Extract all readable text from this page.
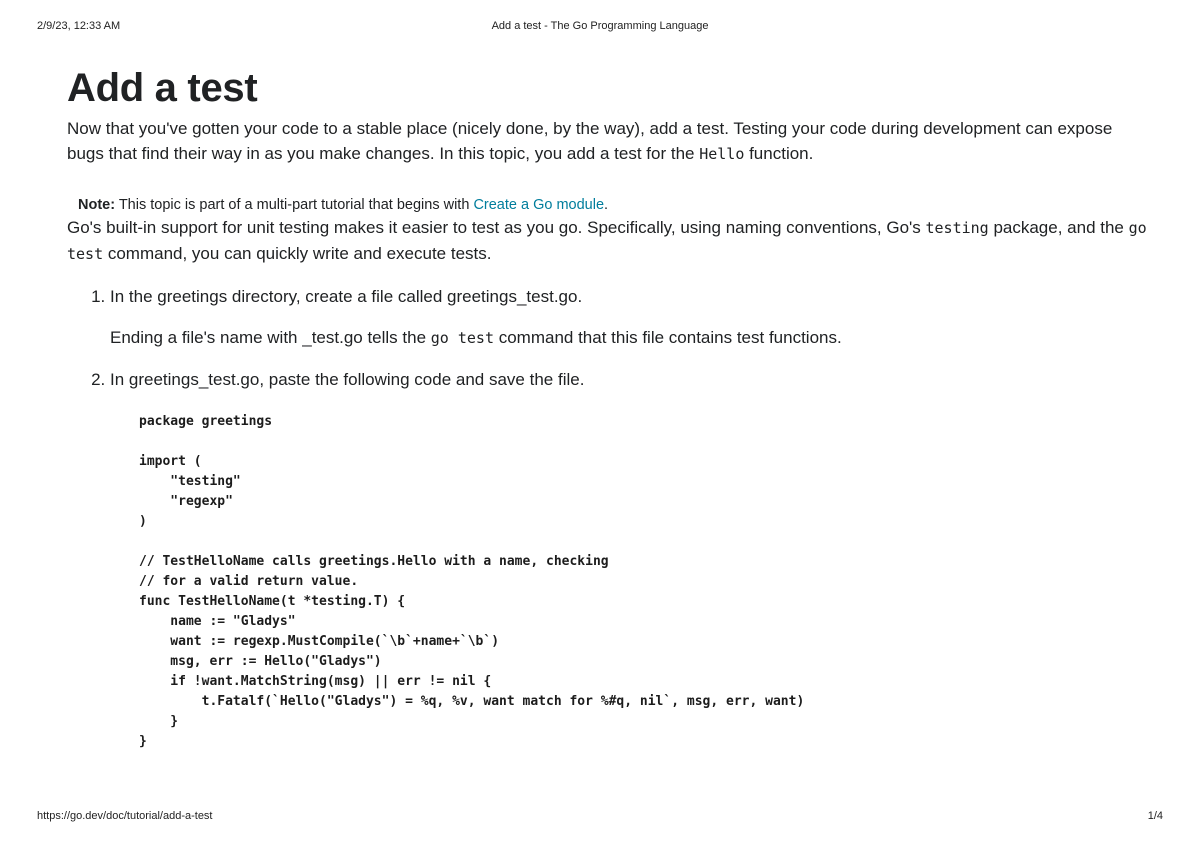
2/9/23, 12:33 AM	Add a test - The Go Programming Language
Add a test

Now that you've gotten your code to a stable place (nicely done, by the way), add a test. Testing your code during development can expose bugs that find their way in as you make changes. In this topic, you add a test for the Hello function.

Note: This topic is part of a multi-part tutorial that begins with Create a Go module.

Go's built-in support for unit testing makes it easier to test as you go. Specifically, using naming conventions, Go's testing package, and the go test command, you can quickly write and execute tests.

1. In the greetings directory, create a file called greetings_test.go.
Ending a file's name with _test.go tells the go test command that this file contains test functions.
2. In greetings_test.go, paste the following code and save the file.
package greetings

import (
"testing"
"regexp"
)

// TestHelloName calls greetings.Hello with a name, checking
// for a valid return value.
func TestHelloName(t *testing.T) {
name := "Gladys"
want := regexp.MustCompile(`\b`+name+`\b`)
msg, err := Hello("Gladys")
if !want.MatchString(msg) || err != nil {
t.Fatalf(`Hello("Gladys") = %q, %v, want match for %#q, nil`, msg, err, want)
}
}
https://go.dev/doc/tutorial/add-a-test	1/4
